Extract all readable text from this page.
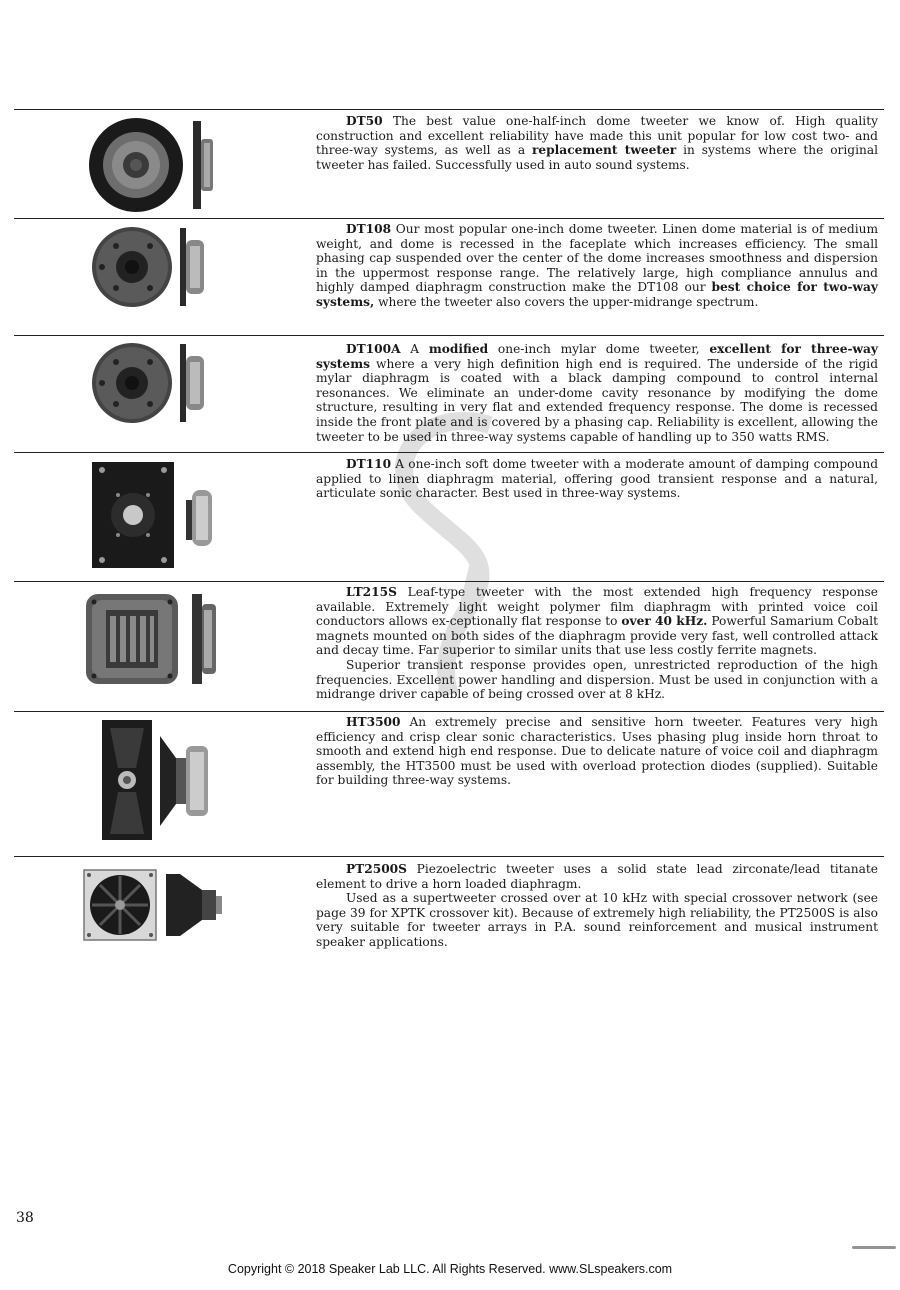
DT50 The best value one-half-inch dome tweeter we know of. High quality construction and excellent reliability have made this unit popular for low cost two- and three-way systems, as well as a replacement tweeter in systems where the original tweeter has failed. Successfully used in auto sound systems.

DT108 Our most popular one-inch dome tweeter. Linen dome material is of medium weight, and dome is recessed in the faceplate which increases efficiency. The small phasing cap suspended over the center of the dome increases smoothness and dispersion in the uppermost response range. The relatively large, high compliance annulus and highly damped diaphragm construction make the DT108 our best choice for two-way systems, where the tweeter also covers the upper-midrange spectrum.

DT100A A modified one-inch mylar dome tweeter, excellent for three-way systems where a very high definition high end is required. The underside of the rigid mylar diaphragm is coated with a black damping compound to control internal resonances. We eliminate an under-dome cavity resonance by modifying the dome structure, resulting in very flat and extended frequency response. The dome is recessed inside the front plate and is covered by a phasing cap. Reliability is excellent, allowing the tweeter to be used in three-way systems capable of handling up to 350 watts RMS.

DT110 A one-inch soft dome tweeter with a moderate amount of damping compound applied to linen diaphragm material, offering good transient response and a natural, articulate sonic character. Best used in three-way systems.

LT215S Leaf-type tweeter with the most extended high frequency response available. Extremely light weight polymer film diaphragm with printed voice coil conductors allows ex-ceptionally flat response to over 40 kHz. Powerful Samarium Cobalt magnets mounted on both sides of the diaphragm provide very fast, well controlled attack and decay time. Far superior to similar units that use less costly ferrite magnets.

Superior transient response provides open, unrestricted reproduction of the high frequencies. Excellent power handling and dispersion. Must be used in conjunction with a midrange driver capable of being crossed over at 8 kHz.

HT3500 An extremely precise and sensitive horn tweeter. Features very high efficiency and crisp clear sonic characteristics. Uses phasing plug inside horn throat to smooth and extend high end response. Due to delicate nature of voice coil and diaphragm assembly, the HT3500 must be used with overload protection diodes (supplied). Suitable for building three-way systems.

PT2500S Piezoelectric tweeter uses a solid state lead zirconate/lead titanate element to drive a horn loaded diaphragm.

Used as a supertweeter crossed over at 10 kHz with special crossover network (see page 39 for XPTK crossover kit). Because of extremely high reliability, the PT2500S is also very suitable for tweeter arrays in P.A. sound reinforcement and musical instrument speaker applications.

38
Copyright © 2018 Speaker Lab LLC. All Rights Reserved. www.SLspeakers.com
